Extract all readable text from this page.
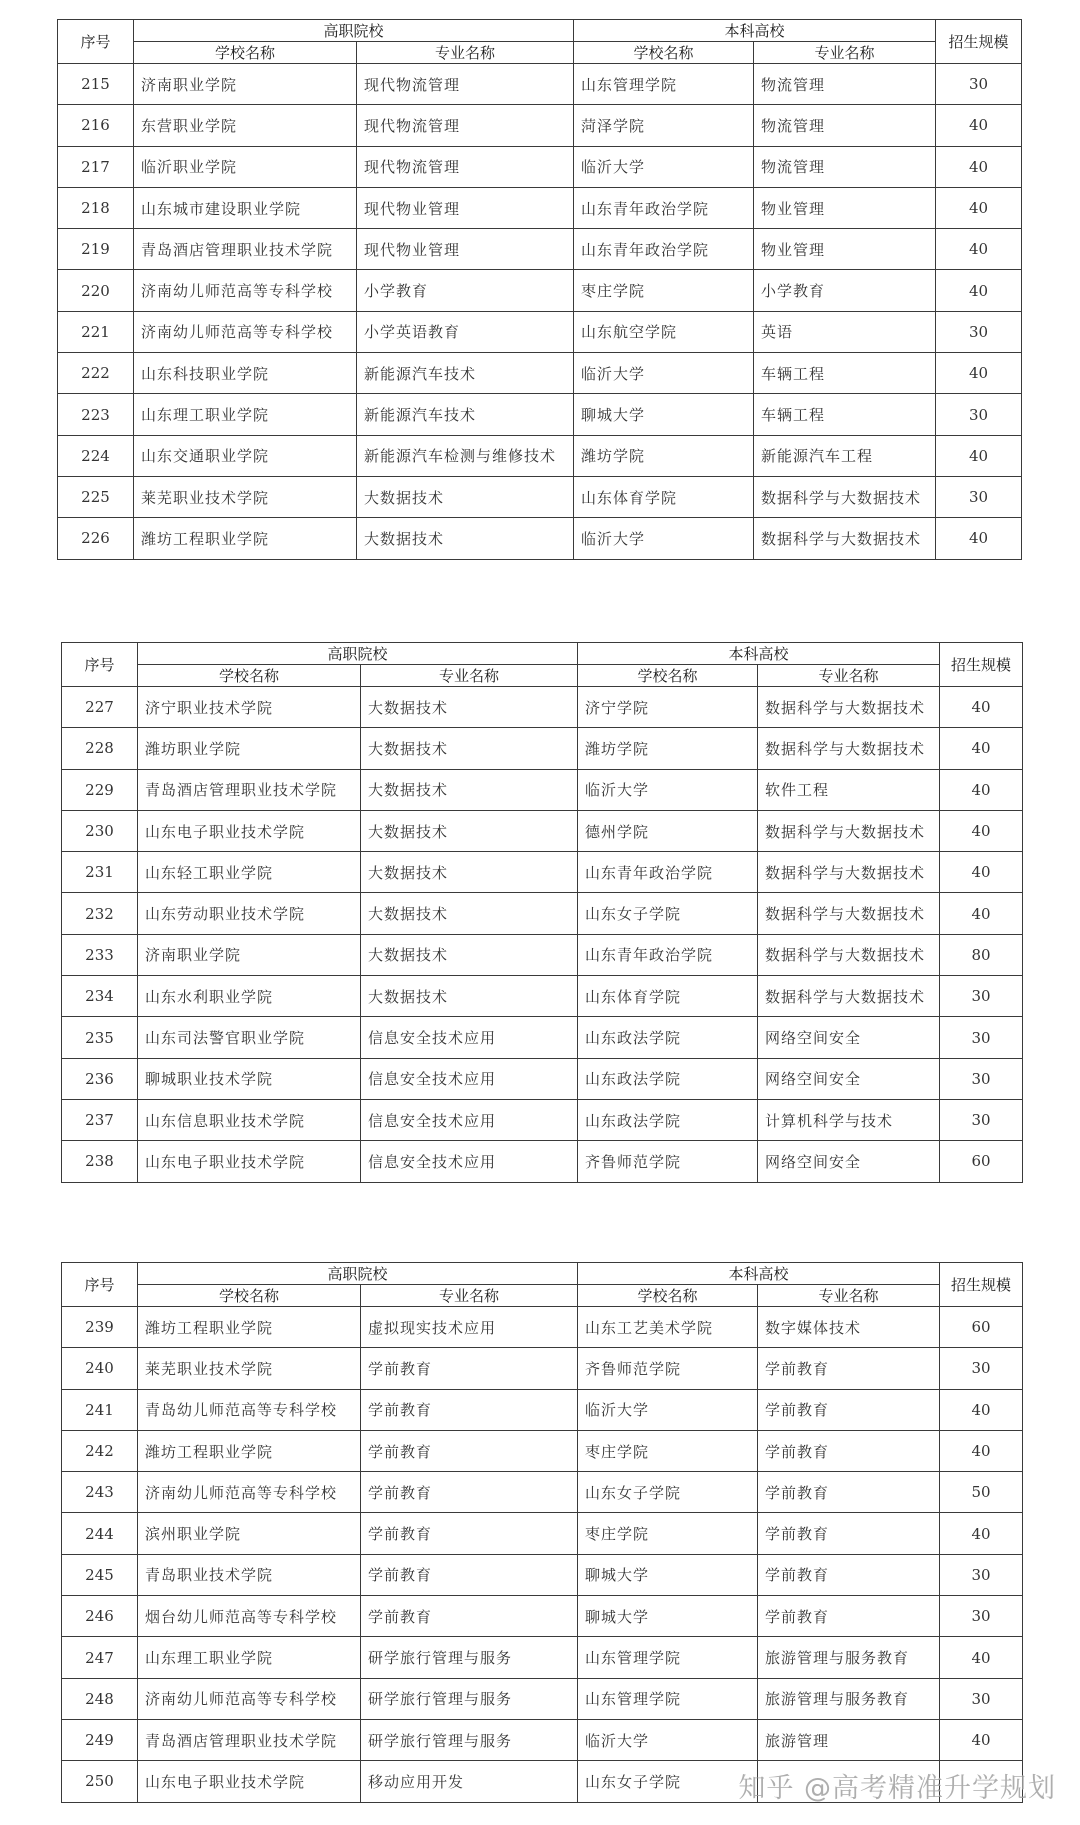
序号	高职院校		本科高校		招生规模
	学校名称	专业名称	学校名称	专业名称	
215	济南职业学院	现代物流管理	山东管理学院	物流管理	30
216	东营职业学院	现代物流管理	菏泽学院	物流管理	40
217	临沂职业学院	现代物流管理	临沂大学	物流管理	40
218	山东城市建设职业学院	现代物业管理	山东青年政治学院	物业管理	40
219	青岛酒店管理职业技术学院	现代物业管理	山东青年政治学院	物业管理	40
220	济南幼儿师范高等专科学校	小学教育	枣庄学院	小学教育	40
221	济南幼儿师范高等专科学校	小学英语教育	山东航空学院	英语	30
222	山东科技职业学院	新能源汽车技术	临沂大学	车辆工程	40
223	山东理工职业学院	新能源汽车技术	聊城大学	车辆工程	30
224	山东交通职业学院	新能源汽车检测与维修技术	潍坊学院	新能源汽车工程	40
225	莱芜职业技术学院	大数据技术	山东体育学院	数据科学与大数据技术	30
226	潍坊工程职业学院	大数据技术	临沂大学	数据科学与大数据技术	40
序号	高职院校		本科高校		招生规模
	学校名称	专业名称	学校名称	专业名称	
227	济宁职业技术学院	大数据技术	济宁学院	数据科学与大数据技术	40
228	潍坊职业学院	大数据技术	潍坊学院	数据科学与大数据技术	40
229	青岛酒店管理职业技术学院	大数据技术	临沂大学	软件工程	40
230	山东电子职业技术学院	大数据技术	德州学院	数据科学与大数据技术	40
231	山东轻工职业学院	大数据技术	山东青年政治学院	数据科学与大数据技术	40
232	山东劳动职业技术学院	大数据技术	山东女子学院	数据科学与大数据技术	40
233	济南职业学院	大数据技术	山东青年政治学院	数据科学与大数据技术	80
234	山东水利职业学院	大数据技术	山东体育学院	数据科学与大数据技术	30
235	山东司法警官职业学院	信息安全技术应用	山东政法学院	网络空间安全	30
236	聊城职业技术学院	信息安全技术应用	山东政法学院	网络空间安全	30
237	山东信息职业技术学院	信息安全技术应用	山东政法学院	计算机科学与技术	30
238	山东电子职业技术学院	信息安全技术应用	齐鲁师范学院	网络空间安全	60
序号	高职院校		本科高校		招生规模
	学校名称	专业名称	学校名称	专业名称	
239	潍坊工程职业学院	虚拟现实技术应用	山东工艺美术学院	数字媒体技术	60
240	莱芜职业技术学院	学前教育	齐鲁师范学院	学前教育	30
241	青岛幼儿师范高等专科学校	学前教育	临沂大学	学前教育	40
242	潍坊工程职业学院	学前教育	枣庄学院	学前教育	40
243	济南幼儿师范高等专科学校	学前教育	山东女子学院	学前教育	50
244	滨州职业学院	学前教育	枣庄学院	学前教育	40
245	青岛职业技术学院	学前教育	聊城大学	学前教育	30
246	烟台幼儿师范高等专科学校	学前教育	聊城大学	学前教育	30
247	山东理工职业学院	研学旅行管理与服务	山东管理学院	旅游管理与服务教育	40
248	济南幼儿师范高等专科学校	研学旅行管理与服务	山东管理学院	旅游管理与服务教育	30
249	青岛酒店管理职业技术学院	研学旅行管理与服务	临沂大学	旅游管理	40
250	山东电子职业技术学院	移动应用开发	山东女子学院		知乎 @高考精准升学规划
